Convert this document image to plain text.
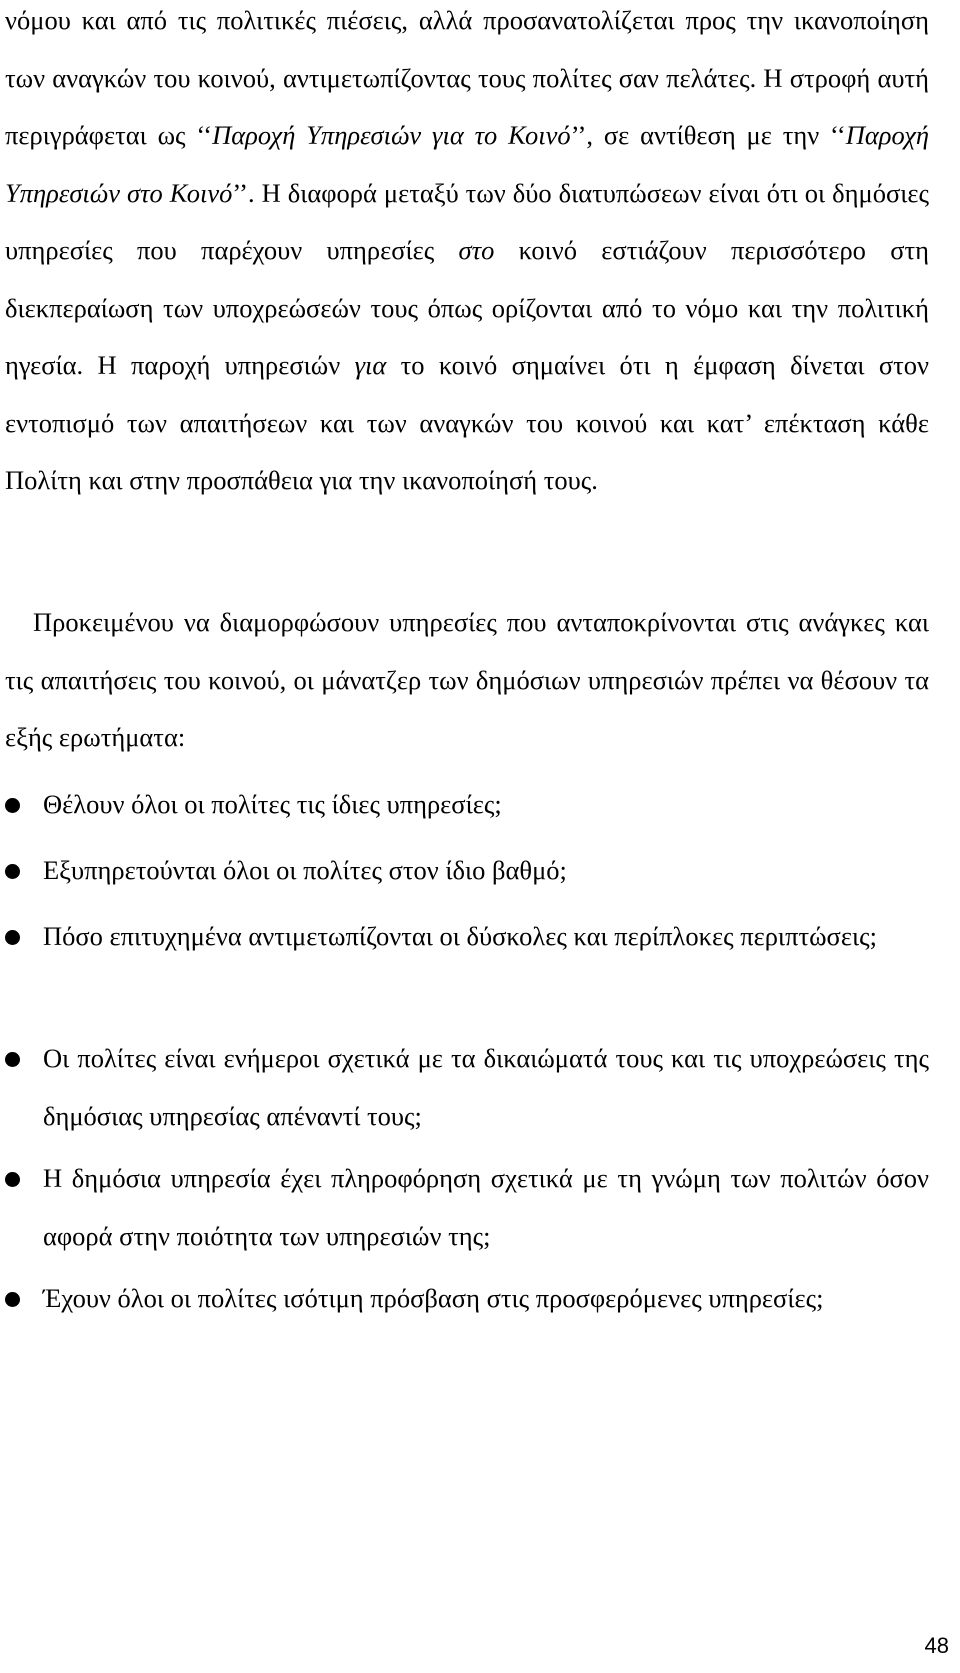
νόμου και από τις πολιτικές πιέσεις, αλλά προσανατολίζεται προς την ικανοποίηση των αναγκών του κοινού, αντιμετωπίζοντας τους πολίτες σαν πελάτες. Η στροφή αυτή περιγράφεται ως ‘‘Παροχή Υπηρεσιών για το Κοινό’’, σε αντίθεση με την ‘‘Παροχή Υπηρεσιών στο Κοινό’’. Η διαφορά μεταξύ των δύο διατυπώσεων είναι ότι οι δημόσιες υπηρεσίες που παρέχουν υπηρεσίες στο κοινό εστιάζουν περισσότερο στη διεκπεραίωση των υποχρεώσεών τους όπως ορίζονται από το νόμο και την πολιτική ηγεσία. Η παροχή υπηρεσιών για το κοινό σημαίνει ότι η έμφαση δίνεται στον εντοπισμό των απαιτήσεων και των αναγκών του κοινού και κατ’ επέκταση κάθε Πολίτη και στην προσπάθεια για την ικανοποίησή τους.

Προκειμένου να διαμορφώσουν υπηρεσίες που ανταποκρίνονται στις ανάγκες και τις απαιτήσεις του κοινού, οι μάνατζερ των δημόσιων υπηρεσιών πρέπει να θέσουν τα εξής ερωτήματα:

Θέλουν όλοι οι πολίτες τις ίδιες υπηρεσίες;

Εξυπηρετούνται όλοι οι πολίτες στον ίδιο βαθμό;

Πόσο επιτυχημένα αντιμετωπίζονται οι δύσκολες και περίπλοκες περιπτώσεις;

Οι πολίτες είναι ενήμεροι σχετικά με τα δικαιώματά τους και τις υποχρεώσεις της δημόσιας υπηρεσίας απέναντί τους;

Η δημόσια υπηρεσία έχει πληροφόρηση σχετικά με τη γνώμη των πολιτών όσον αφορά στην ποιότητα των υπηρεσιών της;

Έχουν όλοι οι πολίτες ισότιμη πρόσβαση στις προσφερόμενες υπηρεσίες;

48
